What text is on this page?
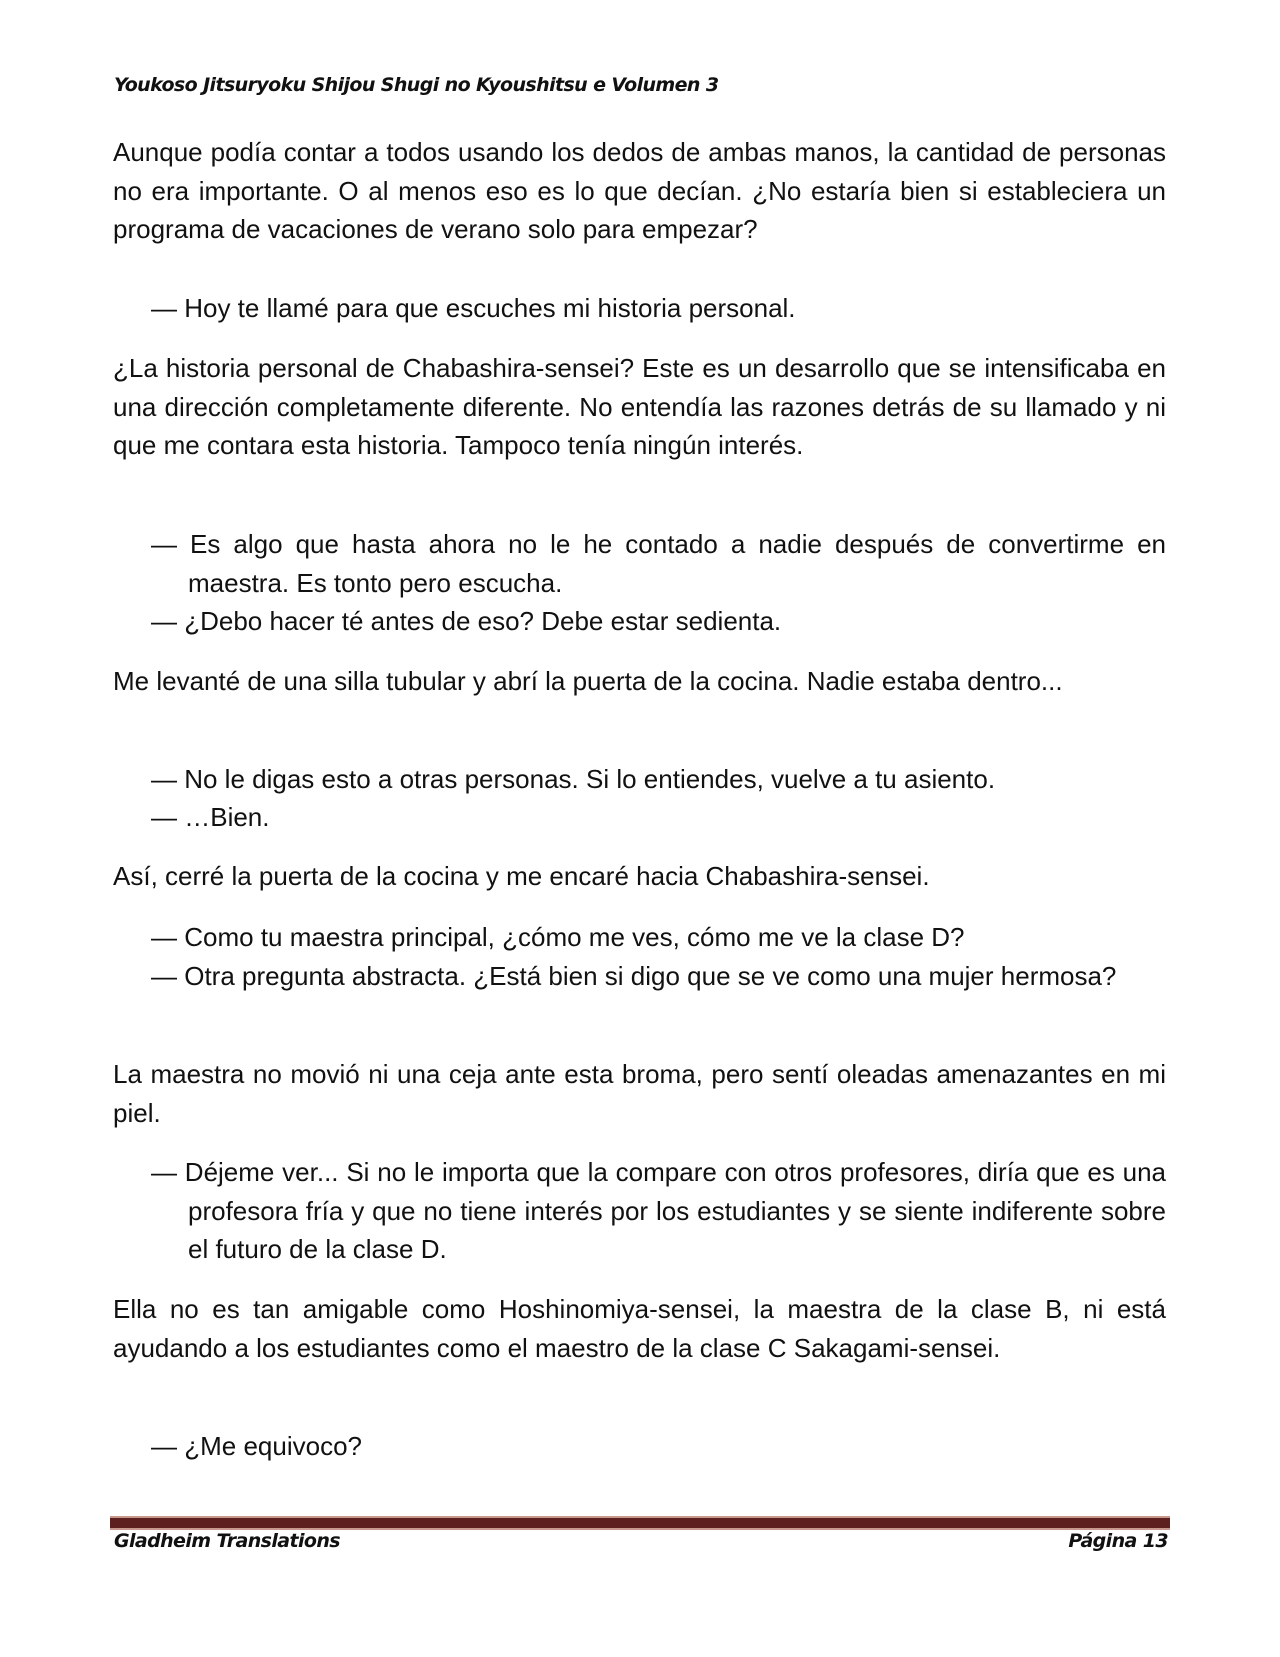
Youkoso Jitsuryoku Shijou Shugi no Kyoushitsu e Volumen 3

Aunque podía contar a todos usando los dedos de ambas manos, la cantidad de personas no era importante. O al menos eso es lo que decían. ¿No estaría bien si estableciera un programa de vacaciones de verano solo para empezar?

— Hoy te llamé para que escuches mi historia personal.

¿La historia personal de Chabashira-sensei? Este es un desarrollo que se intensificaba en una dirección completamente diferente. No entendía las razones detrás de su llamado y ni que me contara esta historia. Tampoco tenía ningún interés.

— Es algo que hasta ahora no le he contado a nadie después de convertirme en maestra. Es tonto pero escucha.

— ¿Debo hacer té antes de eso? Debe estar sedienta.

Me levanté de una silla tubular y abrí la puerta de la cocina. Nadie estaba dentro...

— No le digas esto a otras personas. Si lo entiendes, vuelve a tu asiento.

— …Bien.

Así, cerré la puerta de la cocina y me encaré hacia Chabashira-sensei.

— Como tu maestra principal, ¿cómo me ves, cómo me ve la clase D?

— Otra pregunta abstracta. ¿Está bien si digo que se ve como una mujer hermosa?

La maestra no movió ni una ceja ante esta broma, pero sentí oleadas amenazantes en mi piel.

— Déjeme ver... Si no le importa que la compare con otros profesores, diría que es una profesora fría y que no tiene interés por los estudiantes y se siente indiferente sobre el futuro de la clase D.

Ella no es tan amigable como Hoshinomiya-sensei, la maestra de la clase B, ni está ayudando a los estudiantes como el maestro de la clase C Sakagami-sensei.

— ¿Me equivoco?

Gladheim Translations	Página 13
